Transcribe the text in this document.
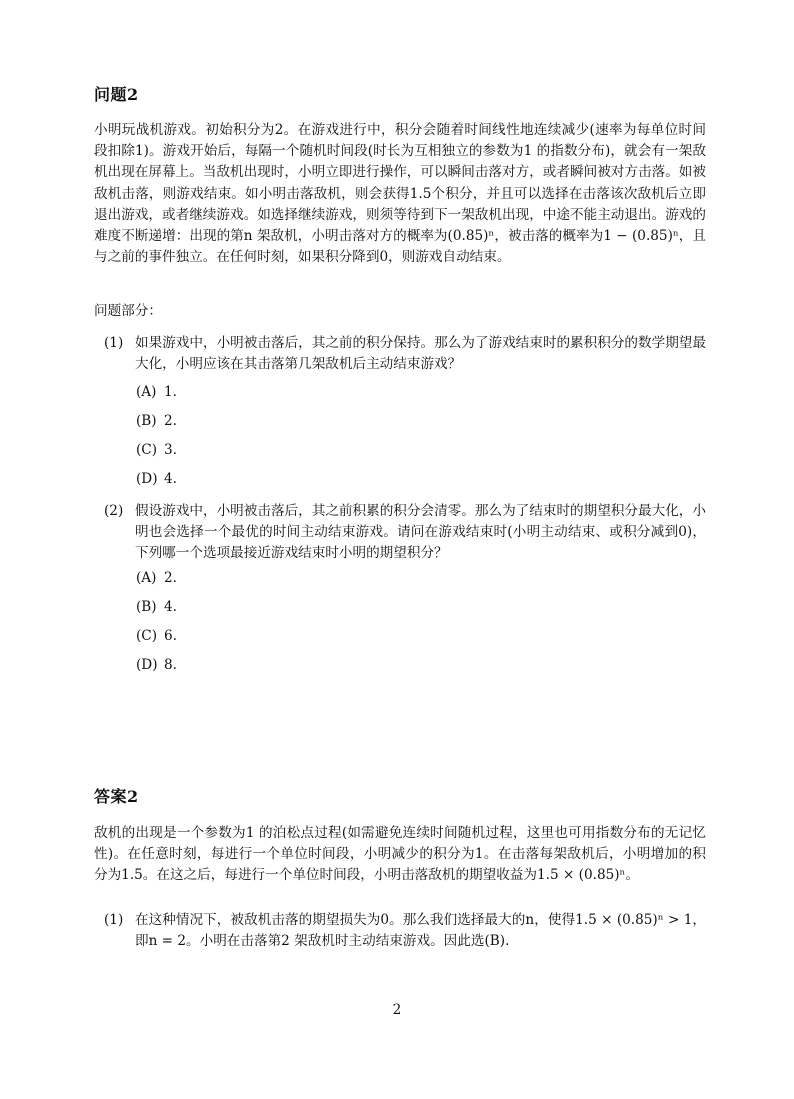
问题2
小明玩战机游戏。初始积分为2。在游戏进行中，积分会随着时间线性地连续减少(速率为每单位时间段扣除1)。游戏开始后，每隔一个随机时间段(时长为互相独立的参数为1 的指数分布)，就会有一架敌机出现在屏幕上。当敌机出现时，小明立即进行操作，可以瞬间击落对方，或者瞬间被对方击落。如被敌机击落，则游戏结束。如小明击落敌机，则会获得1.5个积分，并且可以选择在击落该次敌机后立即退出游戏，或者继续游戏。如选择继续游戏，则须等待到下一架敌机出现，中途不能主动退出。游戏的难度不断递增：出现的第n 架敌机，小明击落对方的概率为(0.85)ⁿ，被击落的概率为1 − (0.85)ⁿ，且与之前的事件独立。在任何时刻，如果积分降到0，则游戏自动结束。
问题部分：
(1) 如果游戏中，小明被击落后，其之前的积分保持。那么为了游戏结束时的累积积分的数学期望最大化，小明应该在其击落第几架敌机后主动结束游戏？
(A) 1.
(B) 2.
(C) 3.
(D) 4.
(2) 假设游戏中，小明被击落后，其之前积累的积分会清零。那么为了结束时的期望积分最大化，小明也会选择一个最优的时间主动结束游戏。请问在游戏结束时(小明主动结束、或积分减到0)，下列哪一个选项最接近游戏结束时小明的期望积分？
(A) 2.
(B) 4.
(C) 6.
(D) 8.
答案2
敌机的出现是一个参数为1 的泊松点过程(如需避免连续时间随机过程，这里也可用指数分布的无记忆性)。在任意时刻，每进行一个单位时间段，小明减少的积分为1。在击落每架敌机后，小明增加的积分为1.5。在这之后，每进行一个单位时间段，小明击落敌机的期望收益为1.5 × (0.85)ⁿ。
(1) 在这种情况下，被敌机击落的期望损失为0。那么我们选择最大的n，使得1.5 × (0.85)ⁿ > 1，即n = 2。小明在击落第2 架敌机时主动结束游戏。因此选(B).
2
